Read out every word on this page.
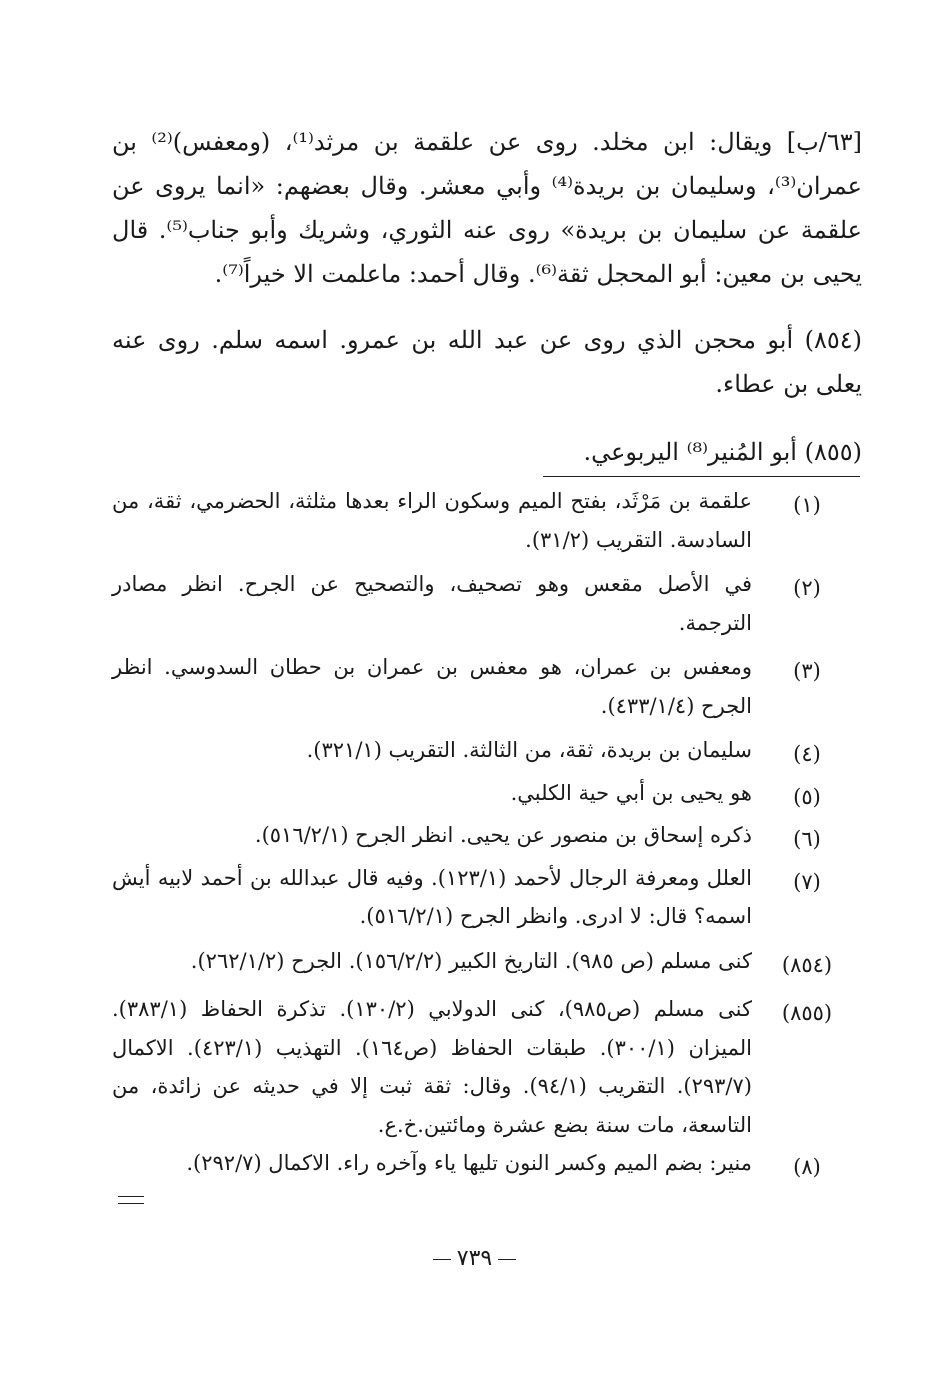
[٦٣/ب] ويقال: ابن مخلد. روى عن علقمة بن مرثد⁽¹⁾، (ومعفس)⁽²⁾ بن عمران⁽³⁾، وسليمان بن بريدة⁽⁴⁾ وأبي معشر. وقال بعضهم: «انما يروى عن علقمة عن سليمان بن بريدة» روى عنه الثوري، وشريك وأبو جناب⁽⁵⁾. قال يحيى بن معين: أبو المحجل ثقة⁽⁶⁾. وقال أحمد: ماعلمت الا خيراً⁽⁷⁾.

(٨٥٤) أبو محجن الذي روى عن عبد الله بن عمرو. اسمه سلم. روى عنه يعلى بن عطاء.

(٨٥٥) أبو المُنير⁽⁸⁾ اليربوعي.

(١)
علقمة بن مَرْثَد، بفتح الميم وسكون الراء بعدها مثلثة، الحضرمي، ثقة، من السادسة. التقريب (٣١/٢).
(٢)
في الأصل مقعس وهو تصحيف، والتصحيح عن الجرح. انظر مصادر الترجمة.
(٣)
ومعفس بن عمران، هو معفس بن عمران بن حطان السدوسي. انظر الجرح (٤٣٣/١/٤).
(٤)
سليمان بن بريدة، ثقة، من الثالثة. التقريب (٣٢١/١).
(٥)
هو يحيى بن أبي حية الكلبي.
(٦)
ذكره إسحاق بن منصور عن يحيى. انظر الجرح (٥١٦/٢/١).
(٧)
العلل ومعرفة الرجال لأحمد (١٢٣/١). وفيه قال عبدالله بن أحمد لابيه أيش اسمه؟ قال: لا ادرى. وانظر الجرح (٥١٦/٢/١).
(٨٥٤)
كنى مسلم (ص ٩٨٥). التاريخ الكبير (١٥٦/٢/٢). الجرح (٢٦٢/١/٢).
(٨٥٥)
كنى مسلم (ص٩٨٥)، كنى الدولابي (١٣٠/٢). تذكرة الحفاظ (٣٨٣/١). الميزان (٣٠٠/١). طبقات الحفاظ (ص١٦٤). التهذيب (٤٢٣/١). الاكمال (٢٩٣/٧). التقريب (٩٤/١). وقال: ثقة ثبت إلا في حديثه عن زائدة، من التاسعة، مات سنة بضع عشرة ومائتين.خ.ع.
(٨)
منير: بضم الميم وكسر النون تليها ياء وآخره راء. الاكمال (٢٩٢/٧).
٧٣٩
